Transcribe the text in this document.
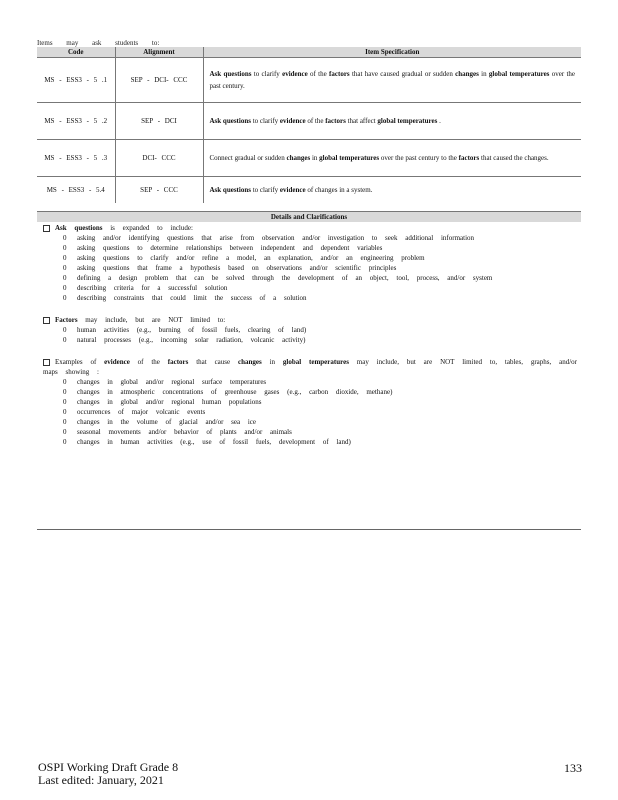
Items may ask students to:
Code	Alignment	Item Specification
MS - ESS3 - 5 .1	SEP - DCI- CCC	Ask questions to clarify evidence of the factors that have caused gradual or sudden changes in global temperatures over the past century.
MS - ESS3 - 5 .2	SEP - DCI	Ask questions to clarify evidence of the factors that affect global temperatures .
MS - ESS3 - 5 .3	DCI- CCC	Connect gradual or sudden changes in global temperatures over the past century to the factors that caused the changes.
MS - ESS3 - 5.4	SEP - CCC	Ask questions to clarify evidence of changes in a system.
Details and Clarifications
Ask questions is expanded to include:
0 asking and/or identifying questions that arise from observation and/or investigation to seek additional information
0 asking questions to determine relationships between independent and dependent variables
0 asking questions to clarify and/or refine a model, an explanation, and/or an engineering problem
0 asking questions that frame a hypothesis based on observations and/or scientific principles
0 defining a design problem that can be solved through the development of an object, tool, process, and/or system
0 describing criteria for a successful solution
0 describing constraints that could limit the success of a solution
Factors may include, but are NOT limited to:
0 human activities (e.g., burning of fossil fuels, clearing of land)
0 natural processes (e.g., incoming solar radiation, volcanic activity)
Examples of evidence of the factors that cause changes in global temperatures may include, but are NOT limited to, tables, graphs, and/or maps showing :
0 changes in global and/or regional surface temperatures
0 changes in atmospheric concentrations of greenhouse gases (e.g., carbon dioxide, methane)
0 changes in global and/or regional human populations
0 occurrences of major volcanic events
0 changes in the volume of glacial and/or sea ice
0 seasonal movements and/or behavior of plants and/or animals
0 changes in human activities (e.g., use of fossil fuels, development of land)
OSPI Working Draft Grade 8
Last edited: January, 2021
133
